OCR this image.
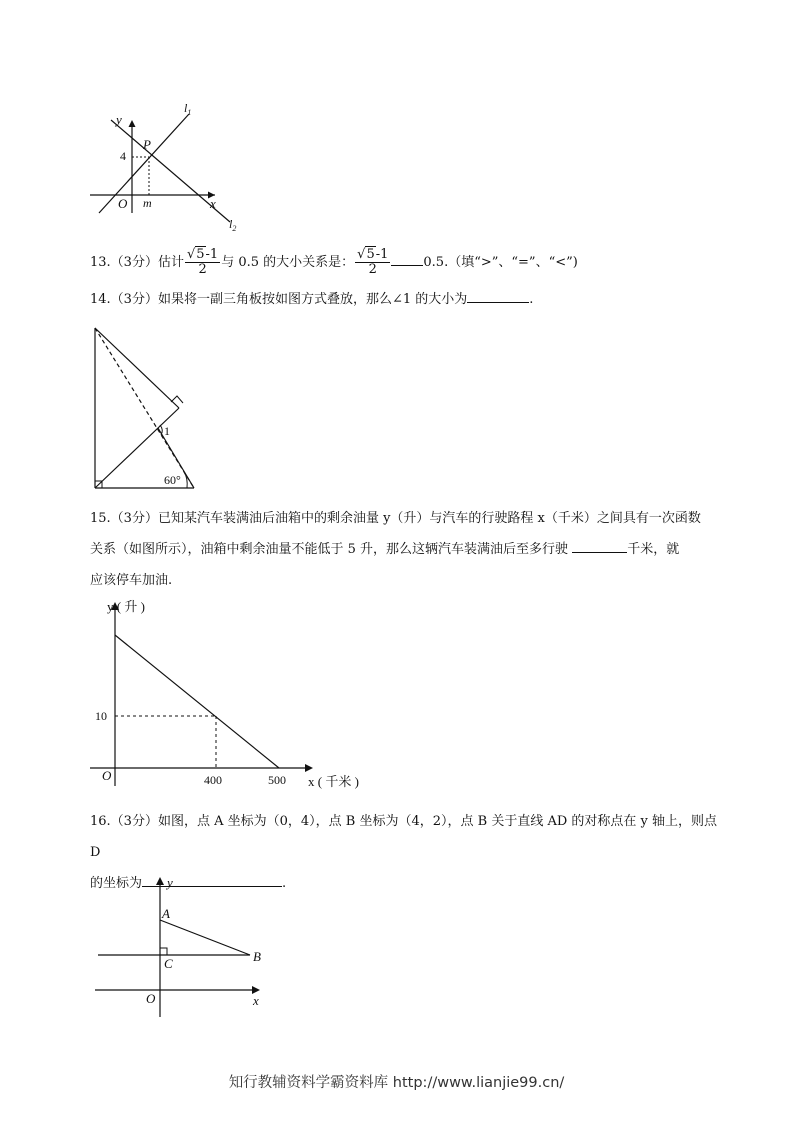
y
x
O
4
P
m
$l_1$
$l_2$
13.（3分）估计 $\frac{√5-1}{2}$ 与 0.5 的大小关系是： $\frac{√5-1}{2}$	0.5.（填“>”、“=”、“<”)
14.（3分）如果将一副三角板按如图方式叠放，那么∠1 的大小为	.
1
60°
15.（3分）已知某汽车装满油后油箱中的剩余油量 y（升）与汽车的行驶路程 x（千米）之间具有一次函数
关系（如图所示），油箱中剩余油量不能低于 5 升，那么这辆汽车装满油后至多行驶	千米，就
应该停车加油.
y ( 升 )
x ( 千米 )
O
10
400	500
16.（3分）如图，点 A 坐标为（0，4），点 B 坐标为（4，2），点 B 关于直线 AD 的对称点在 y 轴上，则点 D
的坐标为	.
y
x
A
B
C
O
知行教辅资料学霸资料库 http://www.lianjie99.cn/
